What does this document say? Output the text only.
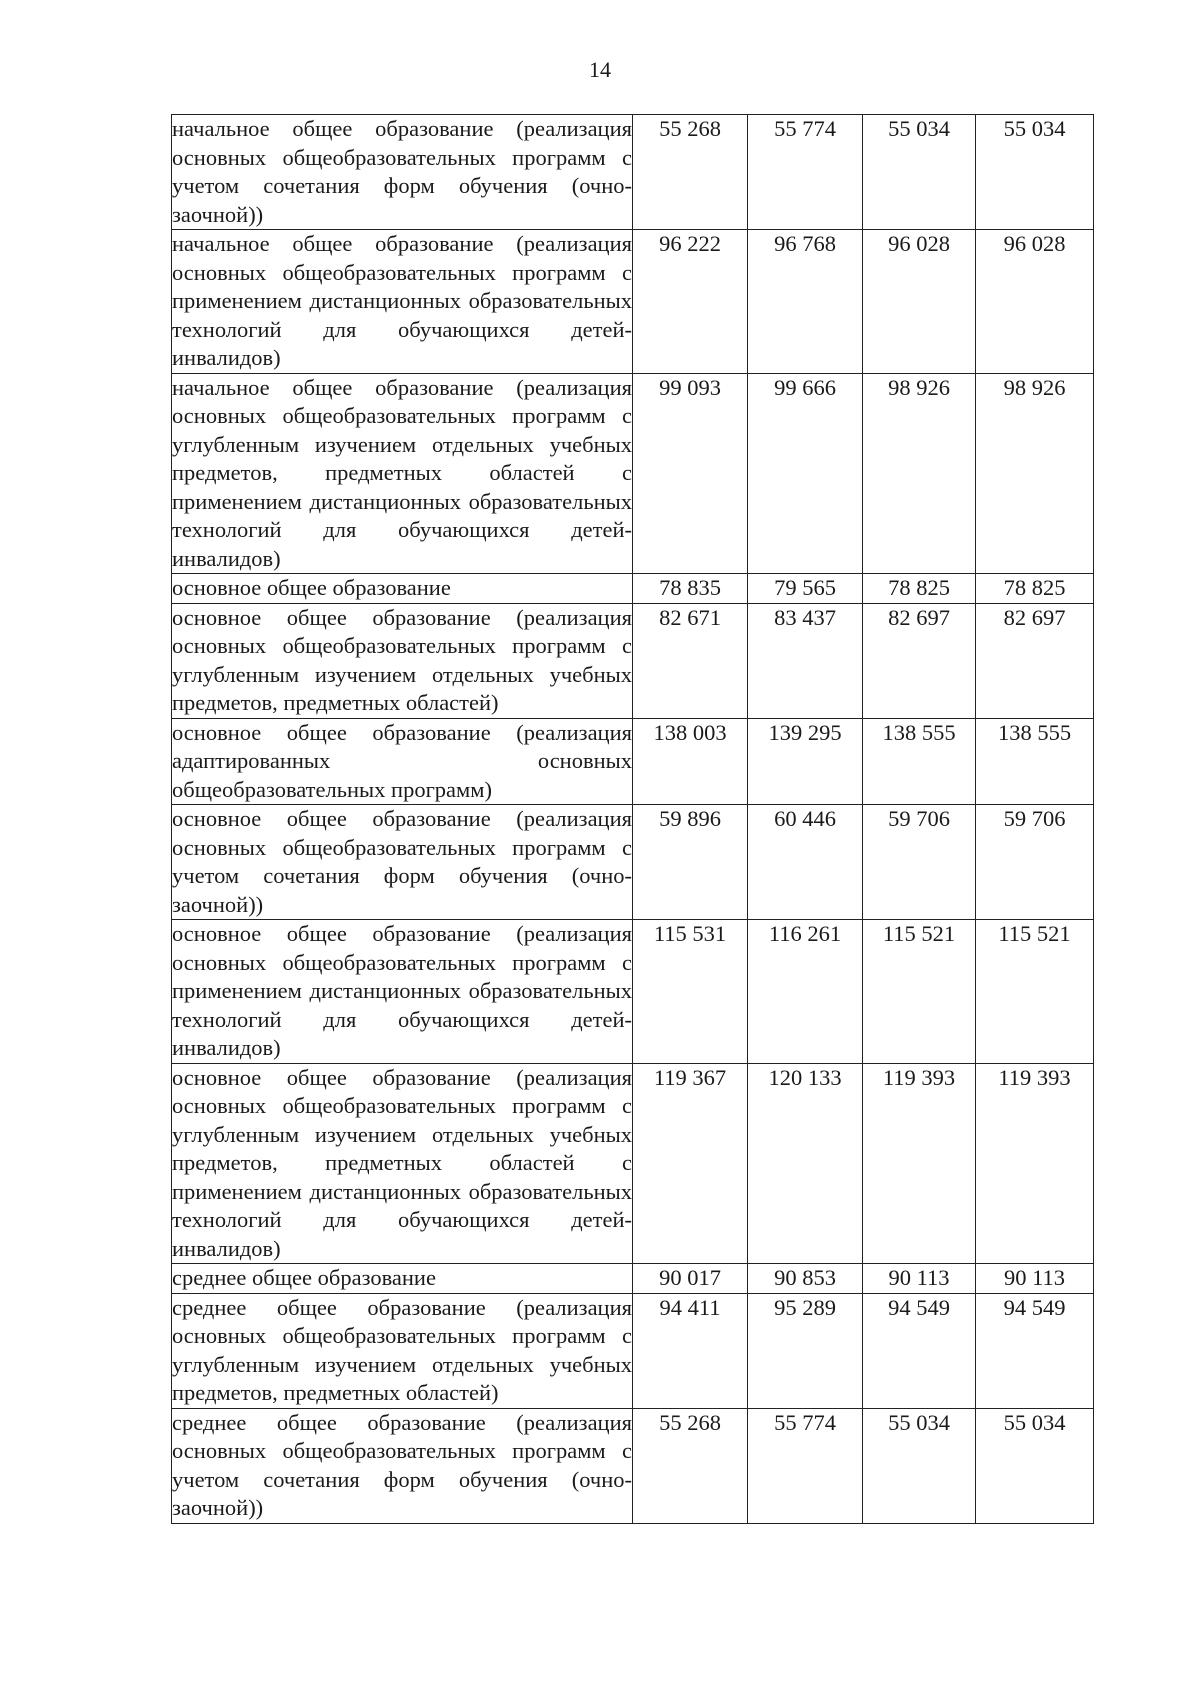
14
начальное общее образование (реализация основных общеобразовательных программ с учетом сочетания форм обучения (очно-заочной))	55 268	55 774	55 034	55 034
начальное общее образование (реализация основных общеобразовательных программ с применением дистанционных образовательных технологий для обучающихся детей-инвалидов)	96 222	96 768	96 028	96 028
начальное общее образование (реализация основных общеобразовательных программ с углубленным изучением отдельных учебных предметов, предметных областей с применением дистанционных образовательных технологий для обучающихся детей-инвалидов)	99 093	99 666	98 926	98 926
основное общее образование	78 835	79 565	78 825	78 825
основное общее образование (реализация основных общеобразовательных программ с углубленным изучением отдельных учебных предметов, предметных областей)	82 671	83 437	82 697	82 697
основное общее образование (реализация адаптированных основных общеобразовательных программ)	138 003	139 295	138 555	138 555
основное общее образование (реализация основных общеобразовательных программ с учетом сочетания форм обучения (очно-заочной))	59 896	60 446	59 706	59 706
основное общее образование (реализация основных общеобразовательных программ с применением дистанционных образовательных технологий для обучающихся детей-инвалидов)	115 531	116 261	115 521	115 521
основное общее образование (реализация основных общеобразовательных программ с углубленным изучением отдельных учебных предметов, предметных областей с применением дистанционных образовательных технологий для обучающихся детей-инвалидов)	119 367	120 133	119 393	119 393
среднее общее образование	90 017	90 853	90 113	90 113
среднее общее образование (реализация основных общеобразовательных программ с углубленным изучением отдельных учебных предметов, предметных областей)	94 411	95 289	94 549	94 549
среднее общее образование (реализация основных общеобразовательных программ с учетом сочетания форм обучения (очно-заочной))	55 268	55 774	55 034	55 034
